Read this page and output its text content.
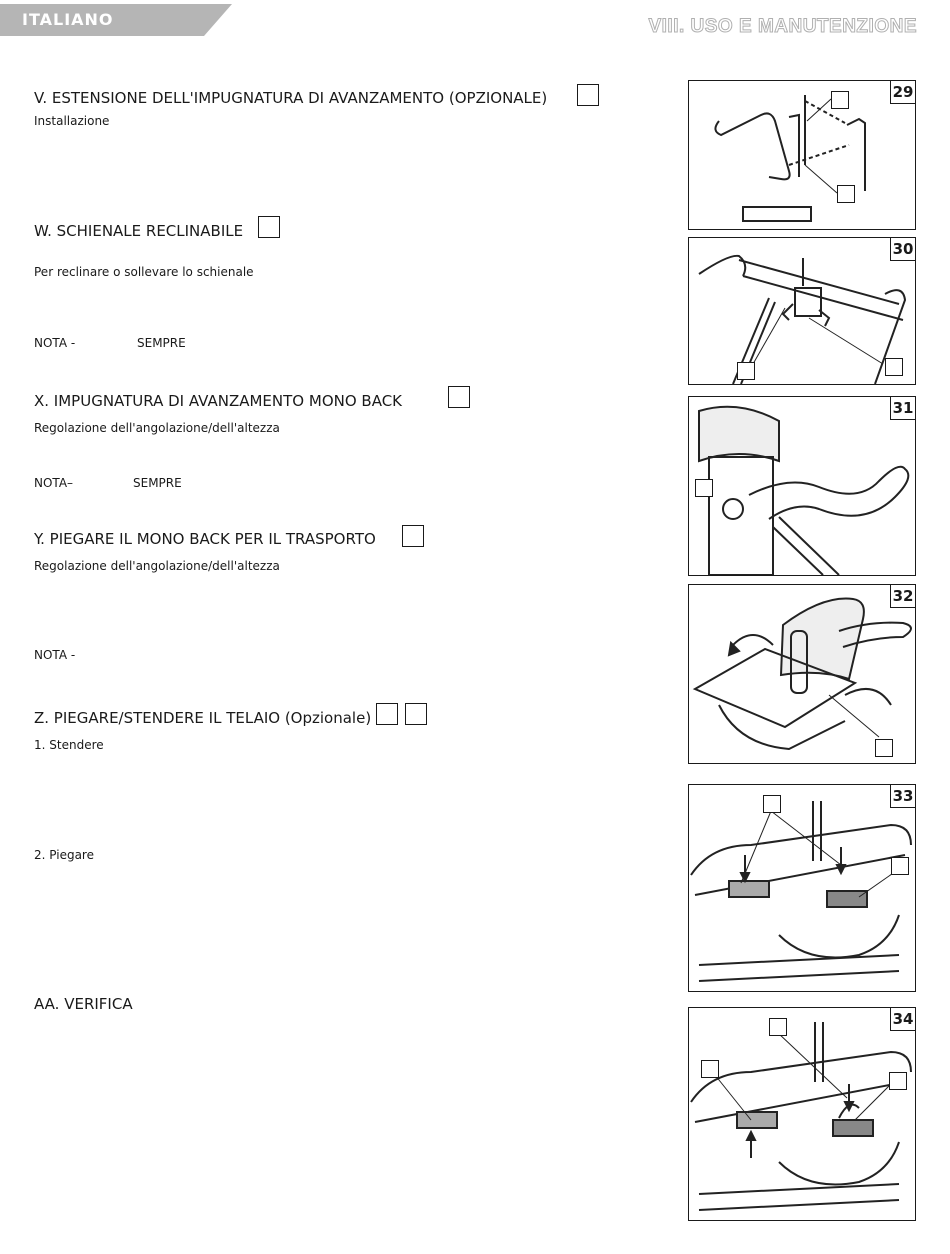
ITALIANO	VIII. USO E MANUTENZIONE
V. ESTENSIONE DELL'IMPUGNATURA DI AVANZAMENTO (OPZIONALE)
Installazione
W. SCHIENALE RECLINABILE
Per reclinare o sollevare lo schienale
NOTA -	SEMPRE
X. IMPUGNATURA DI AVANZAMENTO MONO BACK
Regolazione dell'angolazione/dell'altezza
NOTA–	SEMPRE
Y. PIEGARE IL MONO BACK PER IL TRASPORTO
Regolazione dell'angolazione/dell'altezza
NOTA -
Z. PIEGARE/STENDERE IL TELAIO (Opzionale)
1. Stendere
2. Piegare
AA. VERIFICA
29
30
31
32
33
34
